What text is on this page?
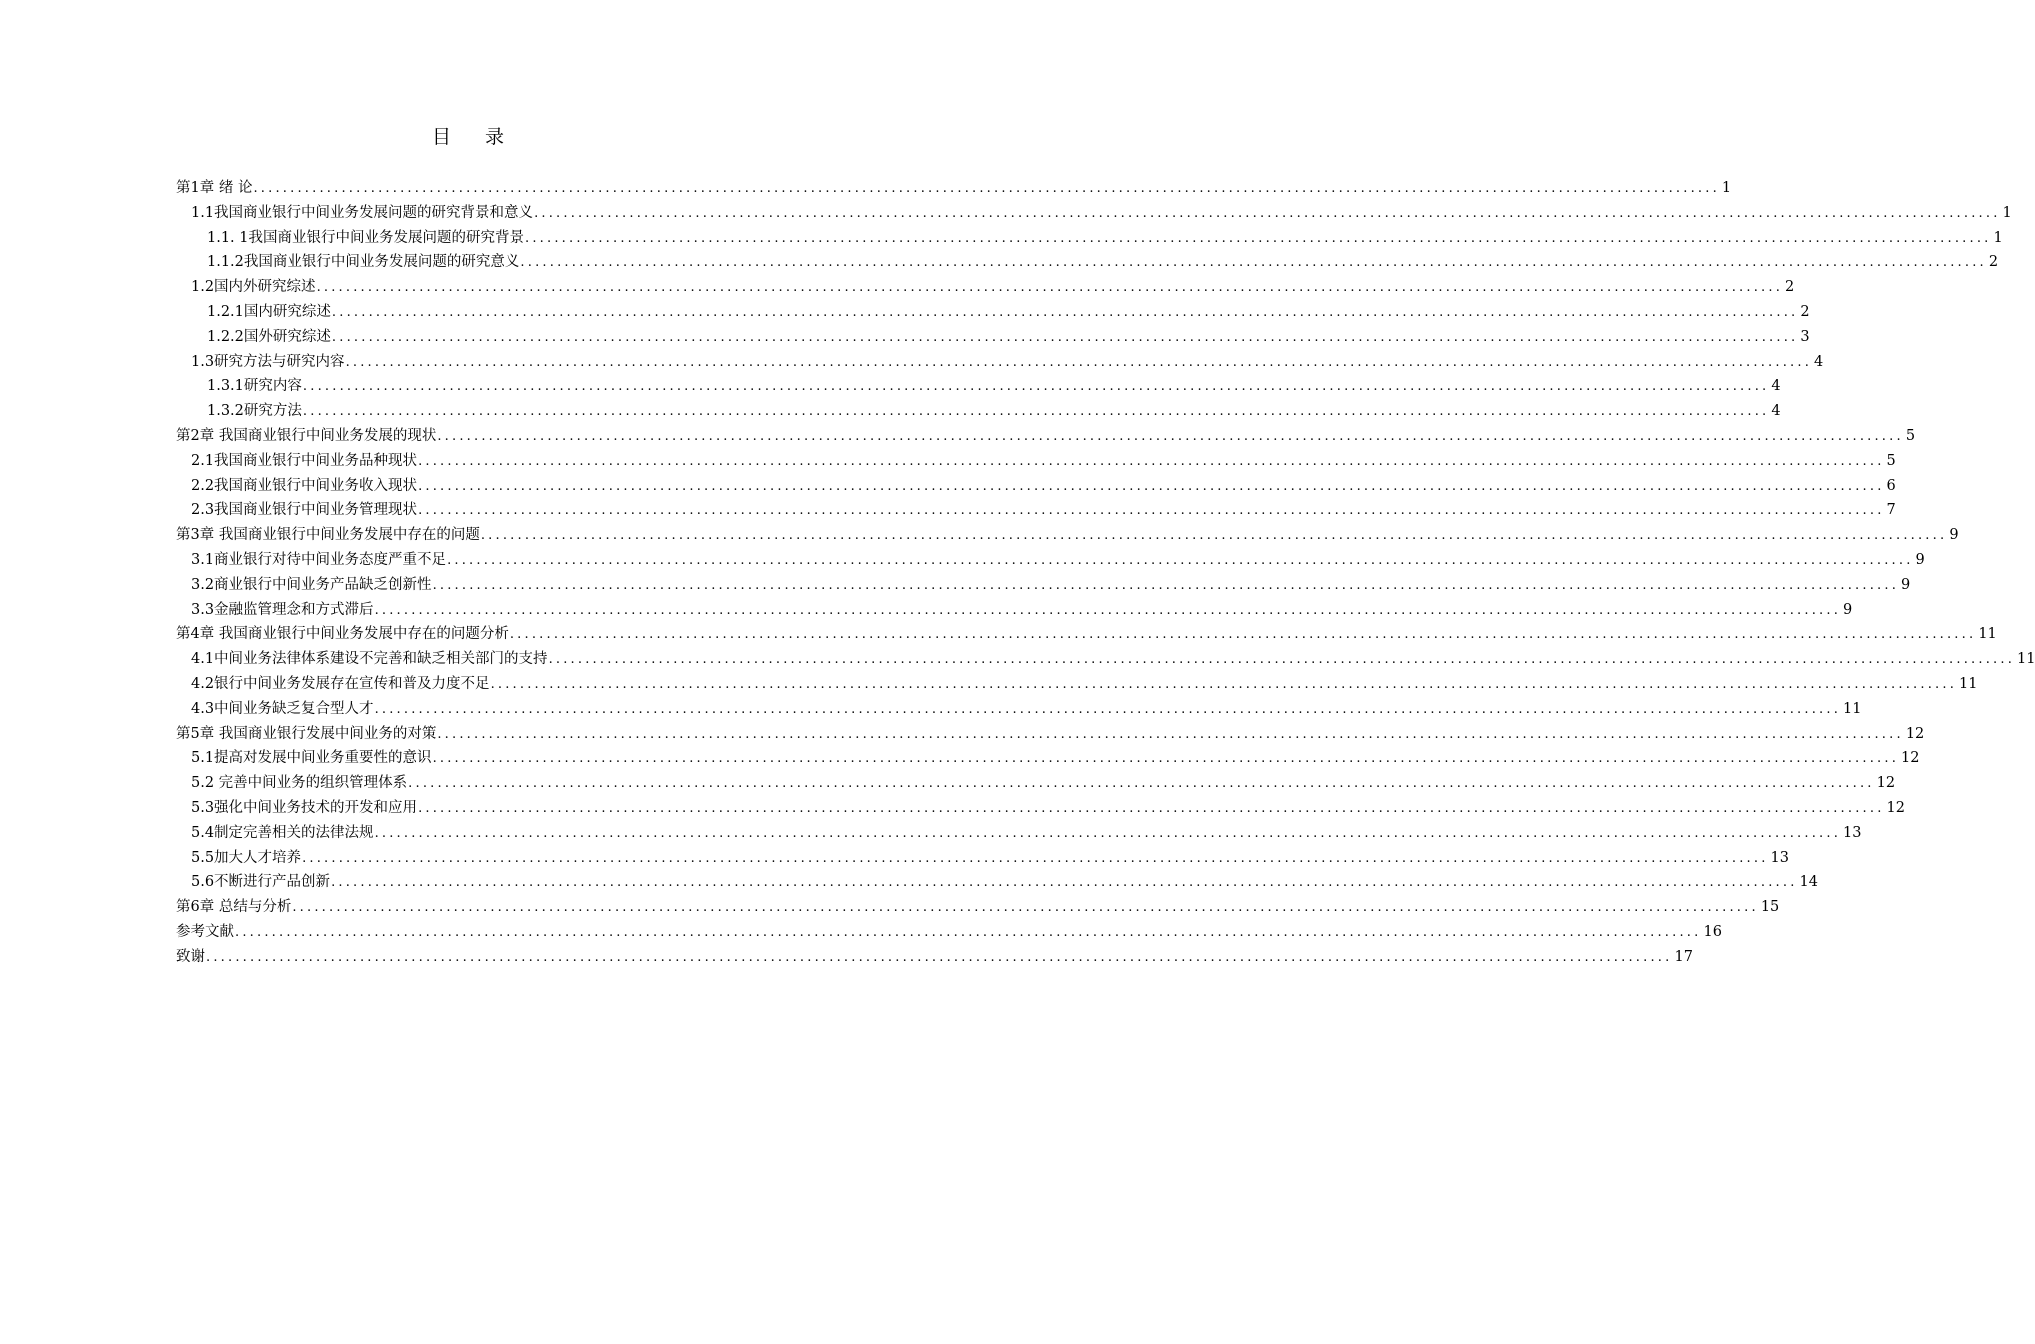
目 录
第1章 绪 论 ........................................................................................................................................................................................................ 1
1.1我国商业银行中间业务发展问题的研究背景和意义 ........................................................................................................................................................................................................ 1
1.1. 1我国商业银行中间业务发展问题的研究背景 ........................................................................................................................................................................................................ 1
1.1.2我国商业银行中间业务发展问题的研究意义 ........................................................................................................................................................................................................ 2
1.2国内外研究综述 ........................................................................................................................................................................................................ 2
1.2.1国内研究综述 ........................................................................................................................................................................................................ 2
1.2.2国外研究综述 ........................................................................................................................................................................................................ 3
1.3研究方法与研究内容 ........................................................................................................................................................................................................ 4
1.3.1研究内容 ........................................................................................................................................................................................................ 4
1.3.2研究方法 ........................................................................................................................................................................................................ 4
第2章 我国商业银行中间业务发展的现状 ........................................................................................................................................................................................................ 5
2.1我国商业银行中间业务品种现状 ........................................................................................................................................................................................................ 5
2.2我国商业银行中间业务收入现状 ........................................................................................................................................................................................................ 6
2.3我国商业银行中间业务管理现状 ........................................................................................................................................................................................................ 7
第3章 我国商业银行中间业务发展中存在的问题 ........................................................................................................................................................................................................ 9
3.1商业银行对待中间业务态度严重不足 ........................................................................................................................................................................................................ 9
3.2商业银行中间业务产品缺乏创新性 ........................................................................................................................................................................................................ 9
3.3金融监管理念和方式滞后 ........................................................................................................................................................................................................ 9
第4章 我国商业银行中间业务发展中存在的问题分析 ........................................................................................................................................................................................................ 11
4.1中间业务法律体系建设不完善和缺乏相关部门的支持 ........................................................................................................................................................................................................ 11
4.2银行中间业务发展存在宣传和普及力度不足 ........................................................................................................................................................................................................ 11
4.3中间业务缺乏复合型人才 ........................................................................................................................................................................................................ 11
第5章 我国商业银行发展中间业务的对策 ........................................................................................................................................................................................................ 12
5.1提高对发展中间业务重要性的意识 ........................................................................................................................................................................................................ 12
5.2 完善中间业务的组织管理体系 ........................................................................................................................................................................................................ 12
5.3强化中间业务技术的开发和应用 ........................................................................................................................................................................................................ 12
5.4制定完善相关的法律法规 ........................................................................................................................................................................................................ 13
5.5加大人才培养 ........................................................................................................................................................................................................ 13
5.6不断进行产品创新 ........................................................................................................................................................................................................ 14
第6章 总结与分析 ........................................................................................................................................................................................................ 15
参考文献 ........................................................................................................................................................................................................ 16
致谢 ........................................................................................................................................................................................................ 17
